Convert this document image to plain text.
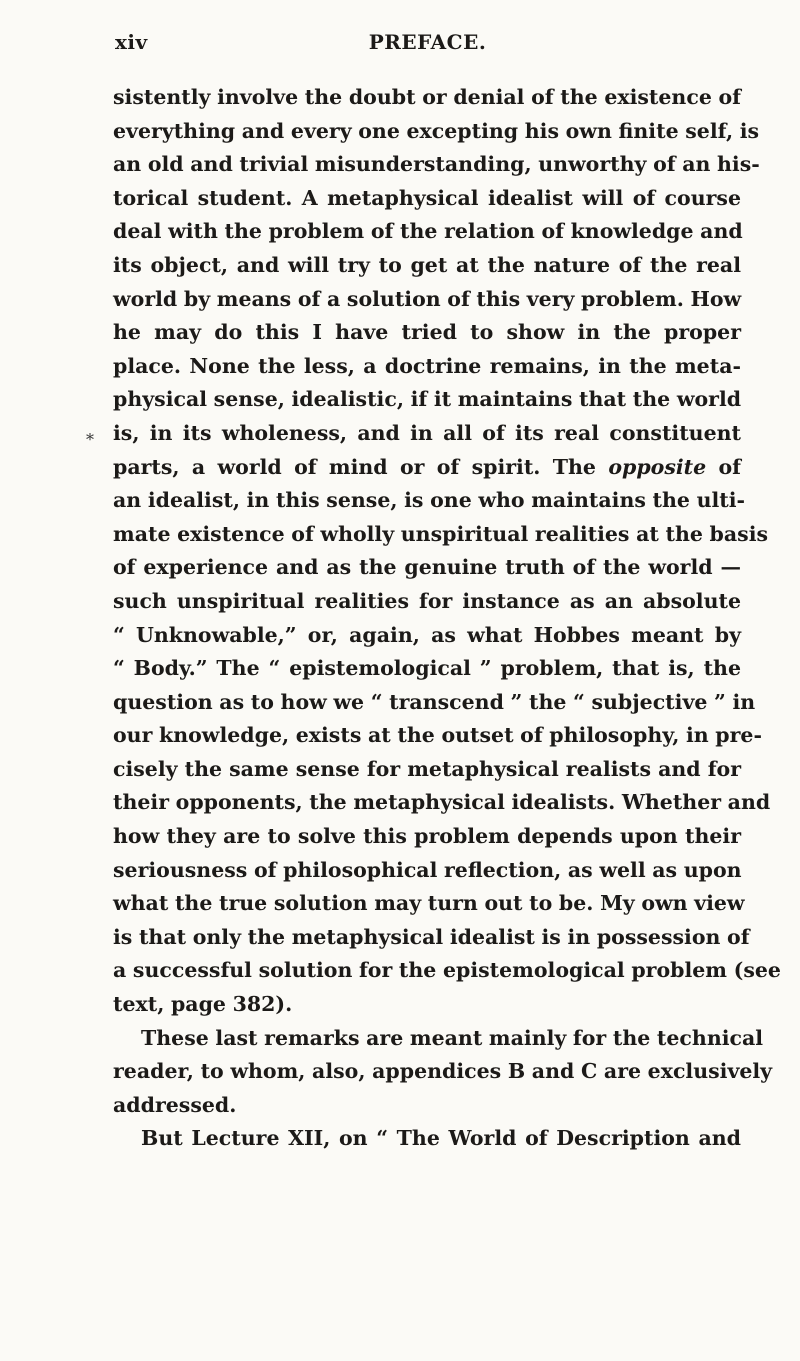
xiv	PREFACE.
*
sistently involve the doubt or denial of the existence of
everything and every one excepting his own finite self, is
an old and trivial misunderstanding, unworthy of an his-
torical student. A metaphysical idealist will of course
deal with the problem of the relation of knowledge and
its object, and will try to get at the nature of the real
world by means of a solution of this very problem. How
he may do this I have tried to show in the proper
place. None the less, a doctrine remains, in the meta-
physical sense, idealistic, if it maintains that the world
is, in its wholeness, and in all of its real constituent
parts, a world of mind or of spirit. The opposite of
an idealist, in this sense, is one who maintains the ulti-
mate existence of wholly unspiritual realities at the basis
of experience and as the genuine truth of the world —
such unspiritual realities for instance as an absolute
“ Unknowable,” or, again, as what Hobbes meant by
“ Body.” The “ epistemological ” problem, that is, the
question as to how we “ transcend ” the “ subjective ” in
our knowledge, exists at the outset of philosophy, in pre-
cisely the same sense for metaphysical realists and for
their opponents, the metaphysical idealists. Whether and
how they are to solve this problem depends upon their
seriousness of philosophical reflection, as well as upon
what the true solution may turn out to be. My own view
is that only the metaphysical idealist is in possession of
a successful solution for the epistemological problem (see
text, page 382).
These last remarks are meant mainly for the technical
reader, to whom, also, appendices B and C are exclusively
addressed.
But Lecture XII, on “ The World of Description and
